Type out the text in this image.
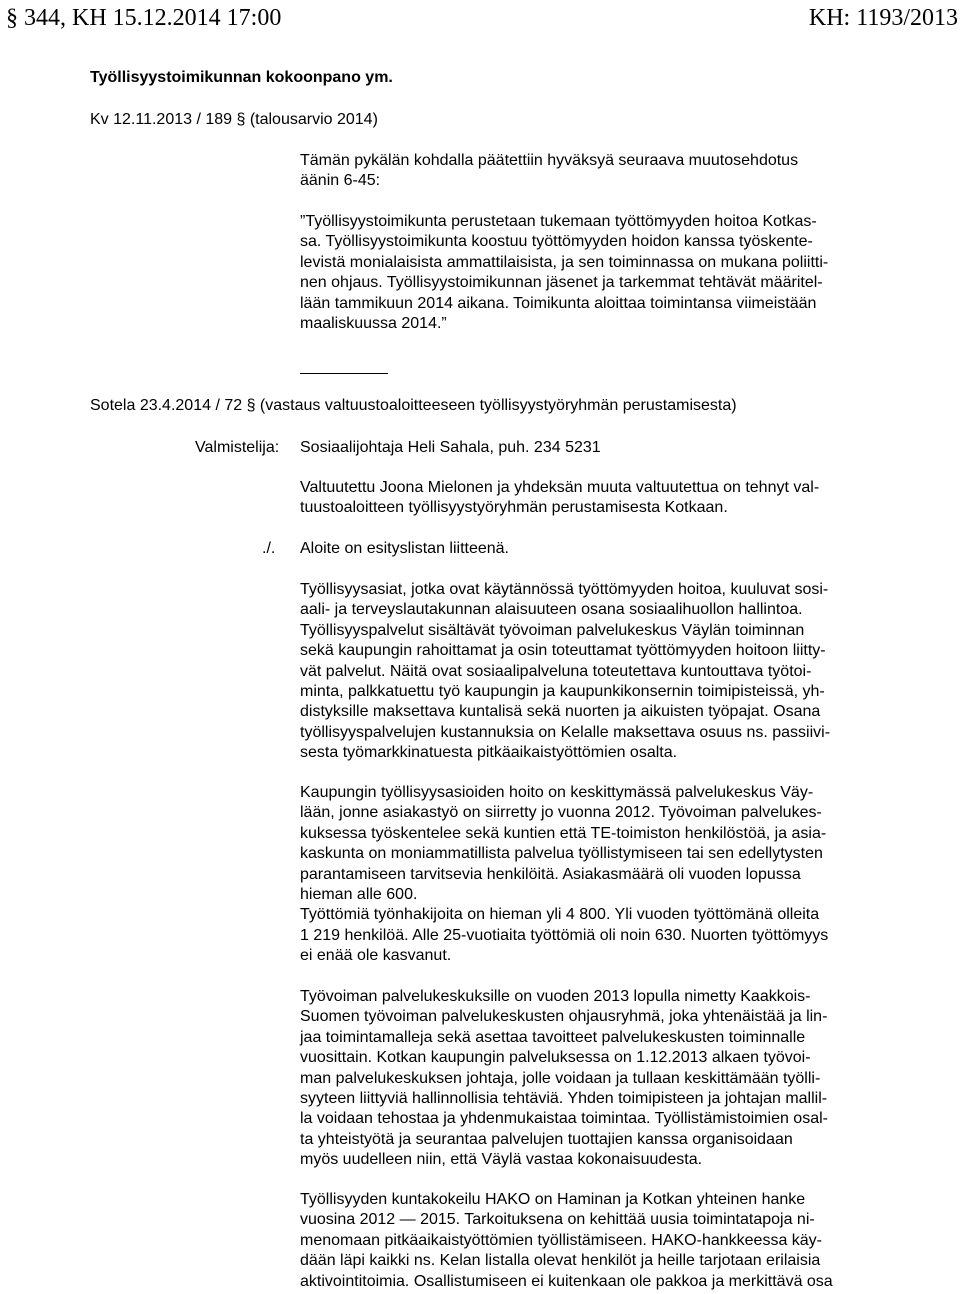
§ 344, KH 15.12.2014 17:00	KH: 1193/2013
Työllisyystoimikunnan kokoonpano ym.
Kv 12.11.2013 / 189 § (talousarvio 2014)
Tämän pykälän kohdalla päätettiin hyväksyä seuraava muutosehdotus
äänin 6-45:
”Työllisyystoimikunta perustetaan tukemaan työttömyyden hoitoa Kotkas-
sa. Työllisyystoimikunta koostuu työttömyyden hoidon kanssa työskente-
levistä monialaisista ammattilaisista, ja sen toiminnassa on mukana poliitti-
nen ohjaus. Työllisyystoimikunnan jäsenet ja tarkemmat tehtävät määritel-
lään tammikuun 2014 aikana. Toimikunta aloittaa toimintansa viimeistään
maaliskuussa 2014.”
Sotela 23.4.2014 / 72 § (vastaus valtuustoaloitteeseen työllisyystyöryhmän perustamisesta)
Valmistelija: Sosiaalijohtaja Heli Sahala, puh. 234 5231
Valtuutettu Joona Mielonen ja yhdeksän muuta valtuutettua on tehnyt val-
tuustoaloitteen työllisyystyöryhmän perustamisesta Kotkaan.
./. Aloite on esityslistan liitteenä.
Työllisyysasiat, jotka ovat käytännössä työttömyyden hoitoa, kuuluvat sosi-
aali- ja terveyslautakunnan alaisuuteen osana sosiaalihuollon hallintoa.
Työllisyyspalvelut sisältävät työvoiman palvelukeskus Väylän toiminnan
sekä kaupungin rahoittamat ja osin toteuttamat työttömyyden hoitoon liitty-
vät palvelut. Näitä ovat sosiaalipalveluna toteutettava kuntouttava työtoi-
minta, palkkatuettu työ kaupungin ja kaupunkikonsernin toimipisteissä, yh-
distyksille maksettava kuntalisä sekä nuorten ja aikuisten työpajat. Osana
työllisyyspalvelujen kustannuksia on Kelalle maksettava osuus ns. passiivi-
sesta työmarkkinatuesta pitkäaikaistyöttömien osalta.
Kaupungin työllisyysasioiden hoito on keskittymässä palvelukeskus Väy-
lään, jonne asiakastyö on siirretty jo vuonna 2012. Työvoiman palvelukes-
kuksessa työskentelee sekä kuntien että TE-toimiston henkilöstöä, ja asia-
kaskunta on moniammatillista palvelua työllistymiseen tai sen edellytysten
parantamiseen tarvitsevia henkilöitä. Asiakasmäärä oli vuoden lopussa
hieman alle 600.
Työttömiä työnhakijoita on hieman yli 4 800. Yli vuoden työttömänä olleita
1 219 henkilöä. Alle 25-vuotiaita työttömiä oli noin 630. Nuorten työttömyys
ei enää ole kasvanut.
Työvoiman palvelukeskuksille on vuoden 2013 lopulla nimetty Kaakkois-
Suomen työvoiman palvelukeskusten ohjausryhmä, joka yhtenäistää ja lin-
jaa toimintamalleja sekä asettaa tavoitteet palvelukeskusten toiminnalle
vuosittain. Kotkan kaupungin palveluksessa on 1.12.2013 alkaen työvoi-
man palvelukeskuksen johtaja, jolle voidaan ja tullaan keskittämään työlli-
syyteen liittyviä hallinnollisia tehtäviä. Yhden toimipisteen ja johtajan mallil-
la voidaan tehostaa ja yhdenmukaistaa toimintaa. Työllistämistoimien osal-
ta yhteistyötä ja seurantaa palvelujen tuottajien kanssa organisoidaan
myös uudelleen niin, että Väylä vastaa kokonaisuudesta.
Työllisyyden kuntakokeilu HAKO on Haminan ja Kotkan yhteinen hanke
vuosina 2012 — 2015. Tarkoituksena on kehittää uusia toimintatapoja ni-
menomaan pitkäaikaistyöttömien työllistämiseen. HAKO-hankkeessa käy-
dään läpi kaikki ns. Kelan listalla olevat henkilöt ja heille tarjotaan erilaisia
aktivointitoimia. Osallistumiseen ei kuitenkaan ole pakkoa ja merkittävä osa
